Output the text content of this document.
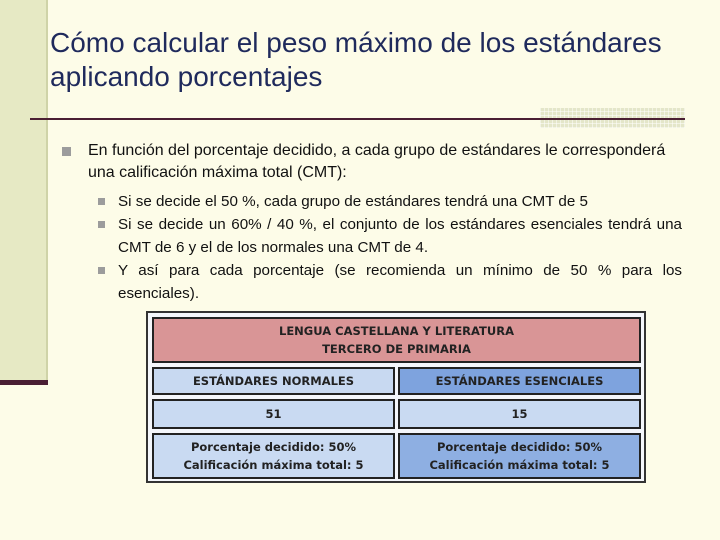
Cómo calcular el peso máximo de los estándares aplicando porcentajes
En función del porcentaje decidido, a cada grupo de estándares le corresponderá una calificación máxima total (CMT):
Si se decide el 50 %, cada grupo de estándares tendrá una CMT de 5
Si se decide un 60% / 40 %, el conjunto de los estándares esenciales tendrá una CMT de 6 y el de los normales una CMT de 4.
Y así para cada porcentaje (se recomienda un mínimo de 50 % para los esenciales).
LENGUA CASTELLANA Y LITERATURA
TERCERO DE PRIMARIA
ESTÁNDARES NORMALES	ESTÁNDARES ESENCIALES
51	15
Porcentaje decidido: 50%
Calificación máxima total: 5
Porcentaje decidido: 50%
Calificación máxima total: 5
